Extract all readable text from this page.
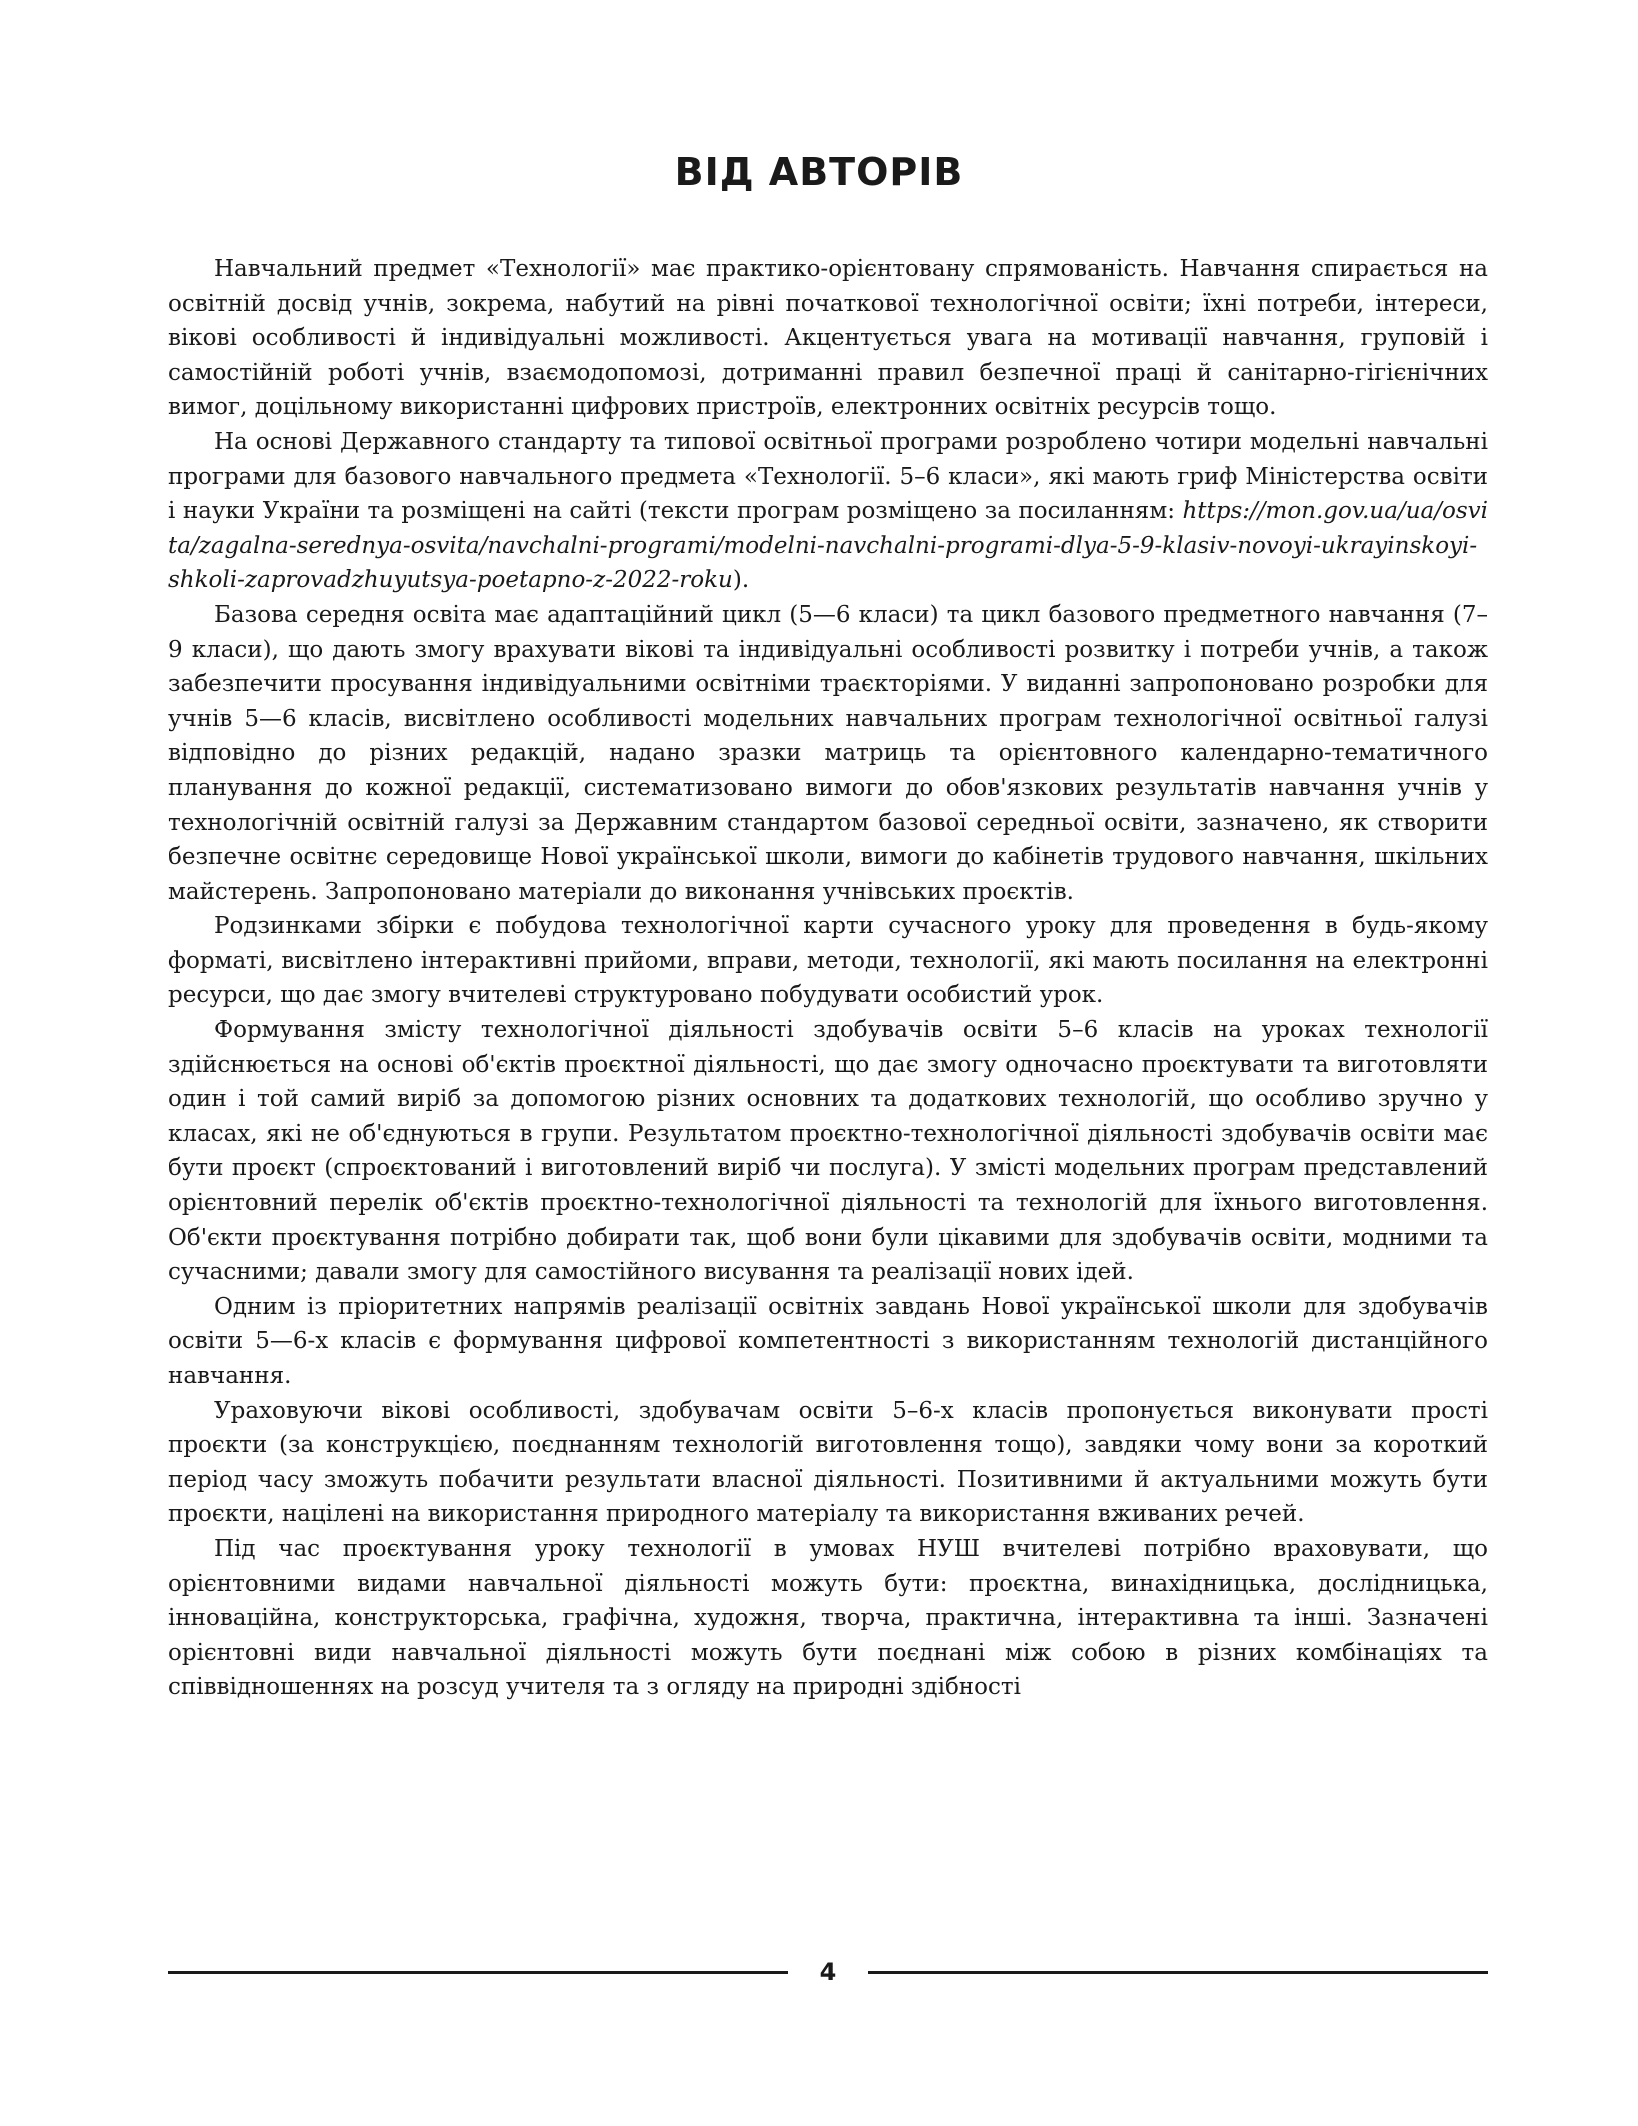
ВІД АВТОРІВ

Навчальний предмет «Технології» має практико-орієнтовану спрямованість. Навчання спирається на освітній досвід учнів, зокрема, набутий на рівні початкової технологічної освіти; їхні потреби, інтереси, вікові особливості й індивідуальні можливості. Акцентується увага на мотивації навчання, груповій і самостійній роботі учнів, взаємодопомозі, дотриманні правил безпечної праці й санітарно-гігієнічних вимог, доцільному використанні цифрових пристроїв, електронних освітніх ресурсів тощо.

На основі Державного стандарту та типової освітньої програми розроблено чотири модельні навчальні програми для базового навчального предмета «Технології. 5–6 класи», які мають гриф Міністерства освіти і науки України та розміщені на сайті (тексти програм розміщено за посиланням: https://mon.gov.ua/ua/osvita/zagalna-serednya-osvita/navchalni-programi/modelni-navchalni-programi-dlya-5-9-klasiv-novoyi-ukrayinskoyi-shkoli-zaprovadzhuyutsya-poetapno-z-2022-roku).

Базова середня освіта має адаптаційний цикл (5—6 класи) та цикл базового предметного навчання (7–9 класи), що дають змогу врахувати вікові та індивідуальні особливості розвитку і потреби учнів, а також забезпечити просування індивідуальними освітніми траєкторіями. У виданні запропоновано розробки для учнів 5—6 класів, висвітлено особливості модельних навчальних програм технологічної освітньої галузі відповідно до різних редакцій, надано зразки матриць та орієнтовного календарно-тематичного планування до кожної редакції, систематизовано вимоги до обов'язкових результатів навчання учнів у технологічній освітній галузі за Державним стандартом базової середньої освіти, зазначено, як створити безпечне освітнє середовище Нової української школи, вимоги до кабінетів трудового навчання, шкільних майстерень. Запропоновано матеріали до виконання учнівських проєктів.

Родзинками збірки є побудова технологічної карти сучасного уроку для проведення в будь-якому форматі, висвітлено інтерактивні прийоми, вправи, методи, технології, які мають посилання на електронні ресурси, що дає змогу вчителеві структуровано побудувати особистий урок.

Формування змісту технологічної діяльності здобувачів освіти 5–6 класів на уроках технології здійснюється на основі об'єктів проєктної діяльності, що дає змогу одночасно проєктувати та виготовляти один і той самий виріб за допомогою різних основних та додаткових технологій, що особливо зручно у класах, які не об'єднуються в групи. Результатом проєктно-технологічної діяльності здобувачів освіти має бути проєкт (спроєктований і виготовлений виріб чи послуга). У змісті модельних програм представлений орієнтовний перелік об'єктів проєктно-технологічної діяльності та технологій для їхнього виготовлення. Об'єкти проєктування потрібно добирати так, щоб вони були цікавими для здобувачів освіти, модними та сучасними; давали змогу для самостійного висування та реалізації нових ідей.

Одним із пріоритетних напрямів реалізації освітніх завдань Нової української школи для здобувачів освіти 5—6-х класів є формування цифрової компетентності з використанням технологій дистанційного навчання.

Ураховуючи вікові особливості, здобувачам освіти 5–6-х класів пропонується виконувати прості проєкти (за конструкцією, поєднанням технологій виготовлення тощо), завдяки чому вони за короткий період часу зможуть побачити результати власної діяльності. Позитивними й актуальними можуть бути проєкти, націлені на використання природного матеріалу та використання вживаних речей.

Під час проєктування уроку технології в умовах НУШ вчителеві потрібно враховувати, що орієнтовними видами навчальної діяльності можуть бути: проєктна, винахідницька, дослідницька, інноваційна, конструкторська, графічна, художня, творча, практична, інтерактивна та інші. Зазначені орієнтовні види навчальної діяльності можуть бути поєднані між собою в різних комбінаціях та співвідношеннях на розсуд учителя та з огляду на природні здібності

4
